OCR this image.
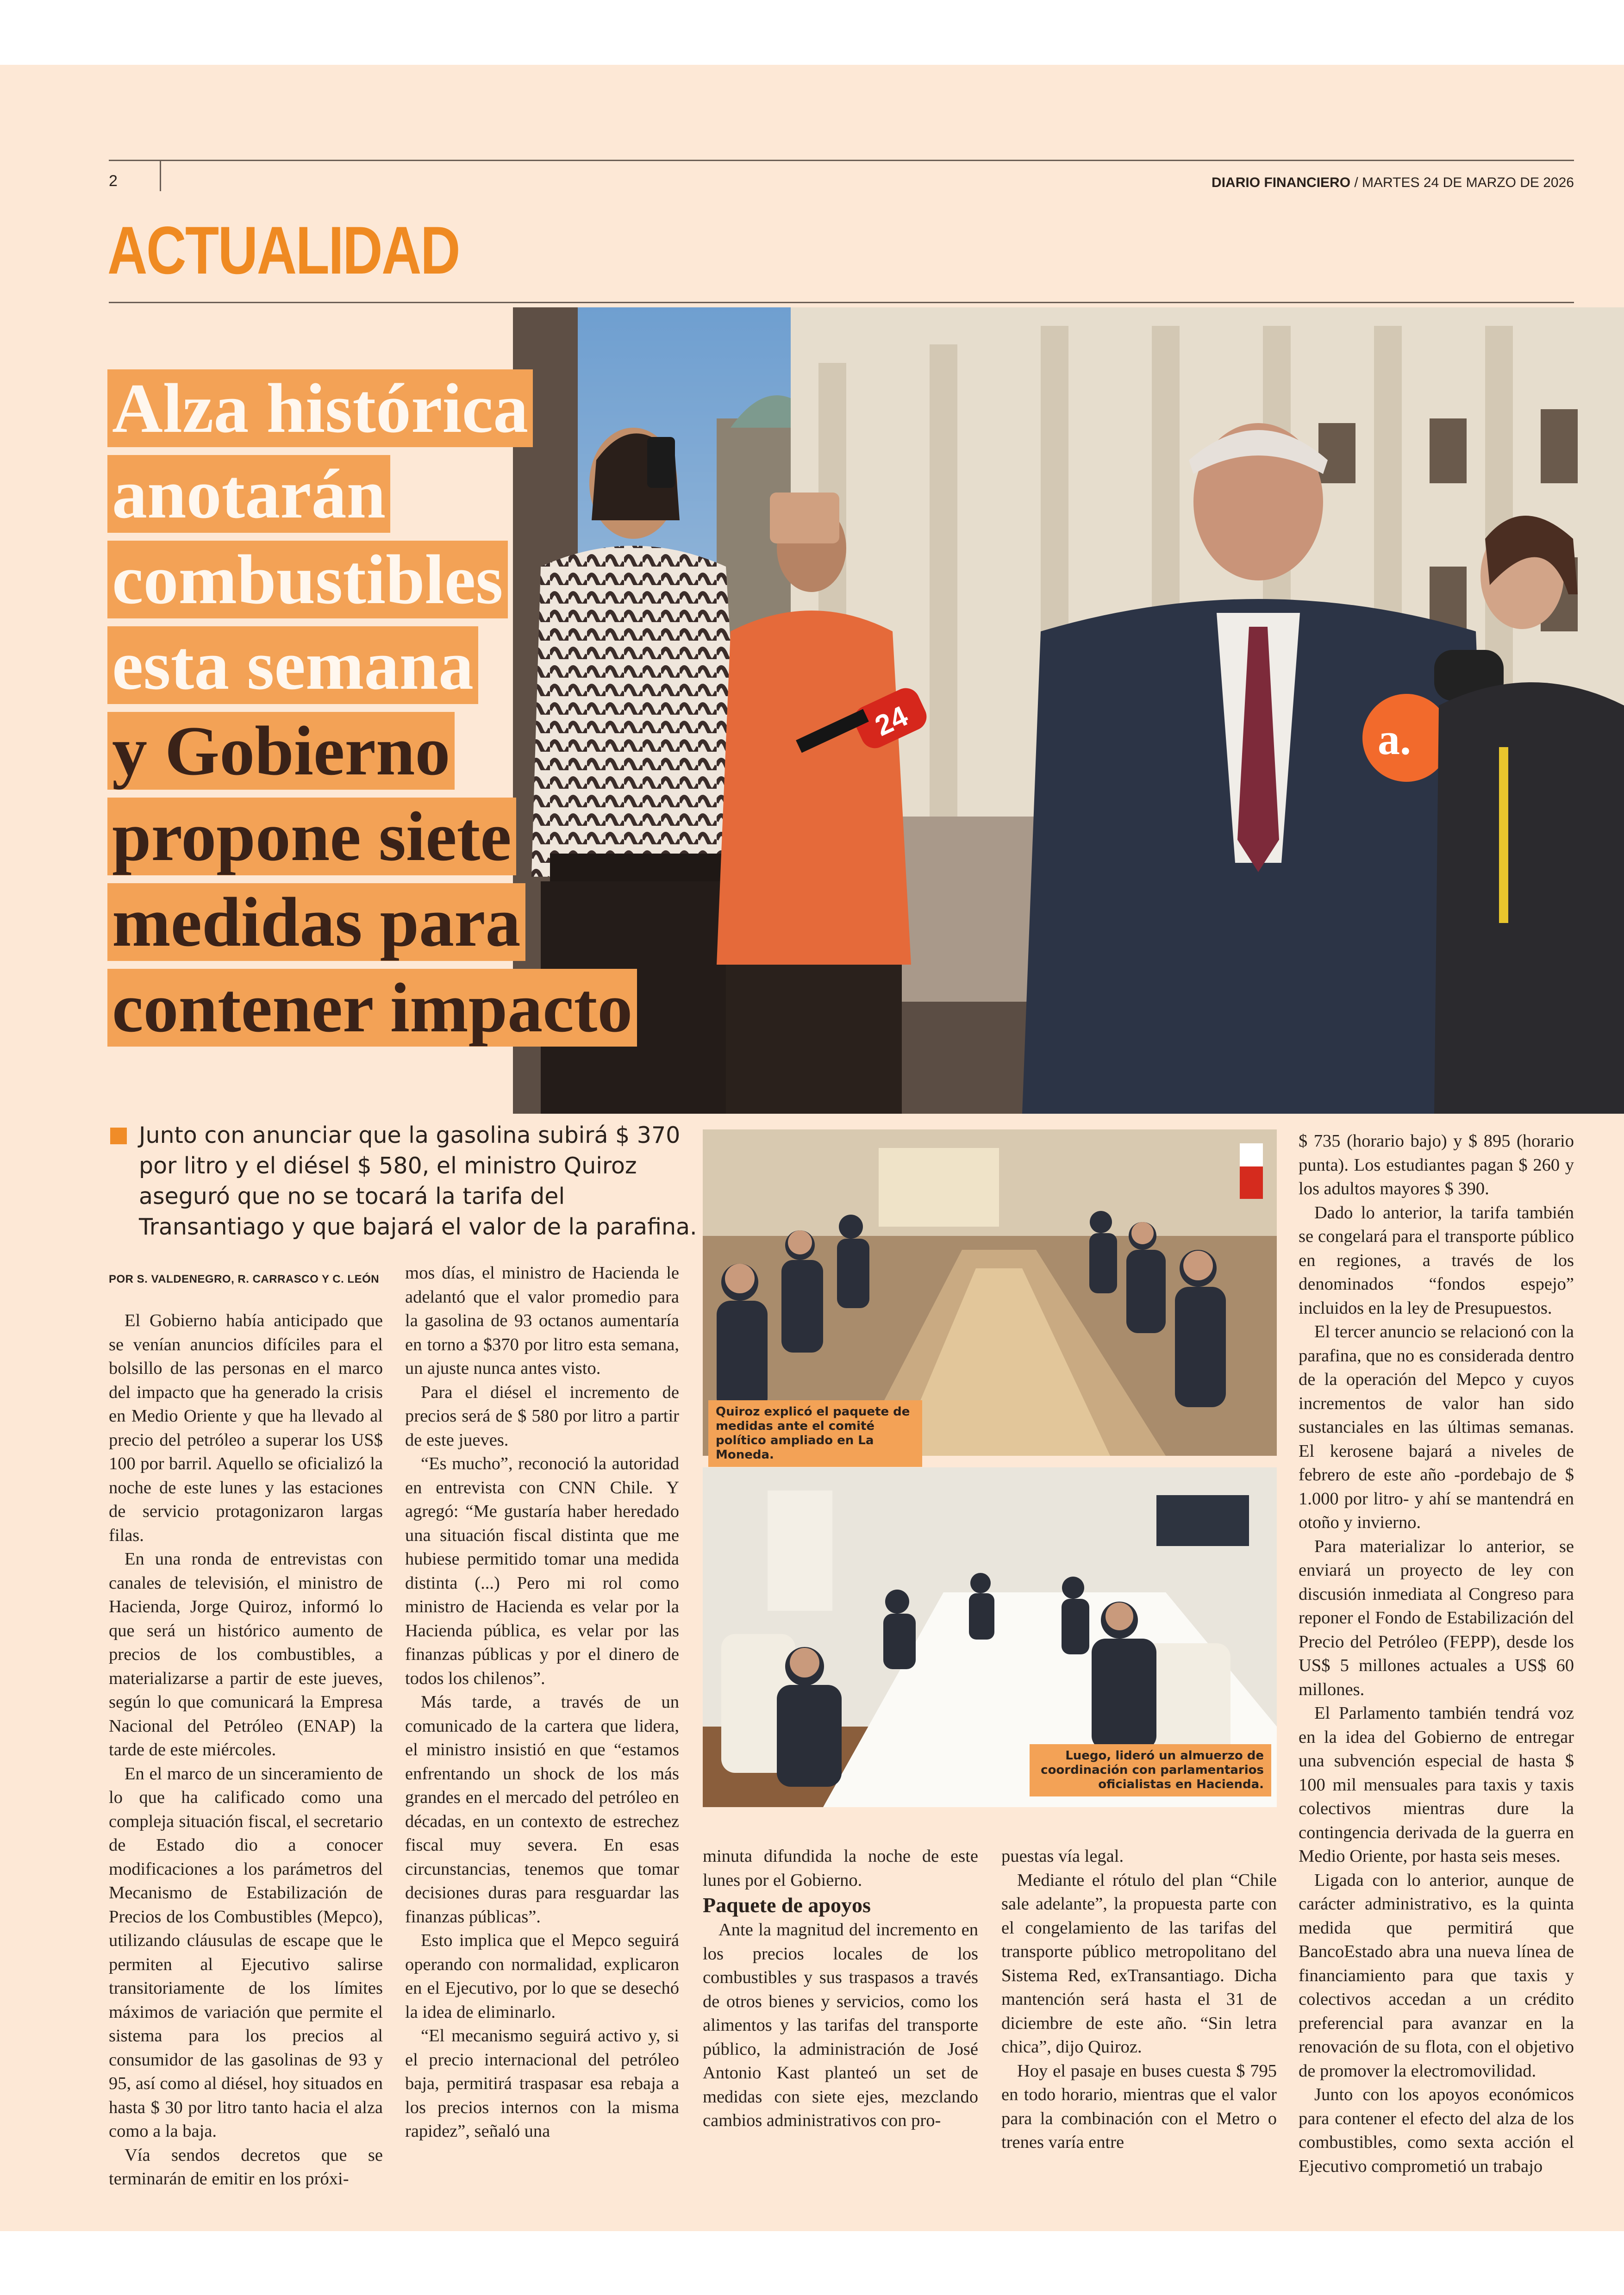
2	DIARIO FINANCIERO / MARTES 24 DE MARZO DE 2026
ACTUALIDAD
24	a.
Alza histórica
anotarán
combustibles
esta semana
y Gobierno
propone siete
medidas para
contener impacto
Junto con anunciar que la gasolina subirá $ 370 por litro y el diésel $ 580, el ministro Quiroz aseguró que no se tocará la tarifa del Transantiago y que bajará el valor de la parafina.
POR S. VALDENEGRO, R. CARRASCO Y C. LEÓN

El Gobierno había anticipado que se venían anuncios difíciles para el bolsillo de las personas en el marco del impacto que ha generado la crisis en Medio Oriente y que ha llevado al precio del petróleo a superar los US$ 100 por barril. Aquello se oficializó la noche de este lunes y las estaciones de servicio protagonizaron largas filas.

En una ronda de entrevistas con canales de televisión, el ministro de Hacienda, Jorge Quiroz, informó lo que será un histórico aumento de precios de los combustibles, a materializarse a partir de este jueves, según lo que comunicará la Empresa Nacional del Petróleo (ENAP) la tarde de este miércoles.

En el marco de un sinceramiento de lo que ha calificado como una compleja situación fiscal, el secretario de Estado dio a conocer modificaciones a los parámetros del Mecanismo de Estabilización de Precios de los Combustibles (Mepco), utilizando cláusulas de escape que le permiten al Ejecutivo salirse transitoriamente de los límites máximos de variación que permite el sistema para los precios al consumidor de las gasolinas de 93 y 95, así como al diésel, hoy situados en hasta $ 30 por litro tanto hacia el alza como a la baja.

Vía sendos decretos que se terminarán de emitir en los próxi-

mos días, el ministro de Hacienda le adelantó que el valor promedio para la gasolina de 93 octanos aumentaría en torno a $370 por litro esta semana, un ajuste nunca antes visto.

Para el diésel el incremento de precios será de $ 580 por litro a partir de este jueves.

“Es mucho”, reconoció la autoridad en entrevista con CNN Chile. Y agregó: “Me gustaría haber heredado una situación fiscal distinta que me hubiese permitido tomar una medida distinta (...) Pero mi rol como ministro de Hacienda es velar por la Hacienda pública, es velar por las finanzas públicas y por el dinero de todos los chilenos”.

Más tarde, a través de un comunicado de la cartera que lidera, el ministro insistió en que “estamos enfrentando un shock de los más grandes en el mercado del petróleo en décadas, en un contexto de estrechez fiscal muy severa. En esas circunstancias, tenemos que tomar decisiones duras para resguardar las finanzas públicas”.

Esto implica que el Mepco seguirá operando con normalidad, explicaron en el Ejecutivo, por lo que se desechó la idea de eliminarlo.

“El mecanismo seguirá activo y, si el precio internacional del petróleo baja, permitirá traspasar esa rebaja a los precios internos con la misma rapidez”, señaló una

Quiroz explicó el paquete de medidas ante el comité político ampliado en La Moneda.
Luego, lideró un almuerzo de coordinación con parlamentarios oficialistas en Hacienda.

minuta difundida la noche de este lunes por el Gobierno.

Paquete de apoyos

Ante la magnitud del incremento en los precios locales de los combustibles y sus traspasos a través de otros bienes y servicios, como los alimentos y las tarifas del transporte público, la administración de José Antonio Kast planteó un set de medidas con siete ejes, mezclando cambios administrativos con pro-

puestas vía legal.

Mediante el rótulo del plan “Chile sale adelante”, la propuesta parte con el congelamiento de las tarifas del transporte público metropolitano del Sistema Red, exTransantiago. Dicha mantención será hasta el 31 de diciembre de este año. “Sin letra chica”, dijo Quiroz.

Hoy el pasaje en buses cuesta $ 795 en todo horario, mientras que el valor para la combinación con el Metro o trenes varía entre

$ 735 (horario bajo) y $ 895 (horario punta). Los estudiantes pagan $ 260 y los adultos mayores $ 390.

Dado lo anterior, la tarifa también se congelará para el transporte público en regiones, a través de los denominados “fondos espejo” incluidos en la ley de Presupuestos.

El tercer anuncio se relacionó con la parafina, que no es considerada dentro de la operación del Mepco y cuyos incrementos de valor han sido sustanciales en las últimas semanas. El kerosene bajará a niveles de febrero de este año -pordebajo de $ 1.000 por litro- y ahí se mantendrá en otoño y invierno.

Para materializar lo anterior, se enviará un proyecto de ley con discusión inmediata al Congreso para reponer el Fondo de Estabilización del Precio del Petróleo (FEPP), desde los US$ 5 millones actuales a US$ 60 millones.

El Parlamento también tendrá voz en la idea del Gobierno de entregar una subvención especial de hasta $ 100 mil mensuales para taxis y taxis colectivos mientras dure la contingencia derivada de la guerra en Medio Oriente, por hasta seis meses.

Ligada con lo anterior, aunque de carácter administrativo, es la quinta medida que permitirá que BancoEstado abra una nueva línea de financiamiento para que taxis y colectivos accedan a un crédito preferencial para avanzar en la renovación de su flota, con el objetivo de promover la electromovilidad.

Junto con los apoyos económicos para contener el efecto del alza de los combustibles, como sexta acción el Ejecutivo comprometió un trabajo
